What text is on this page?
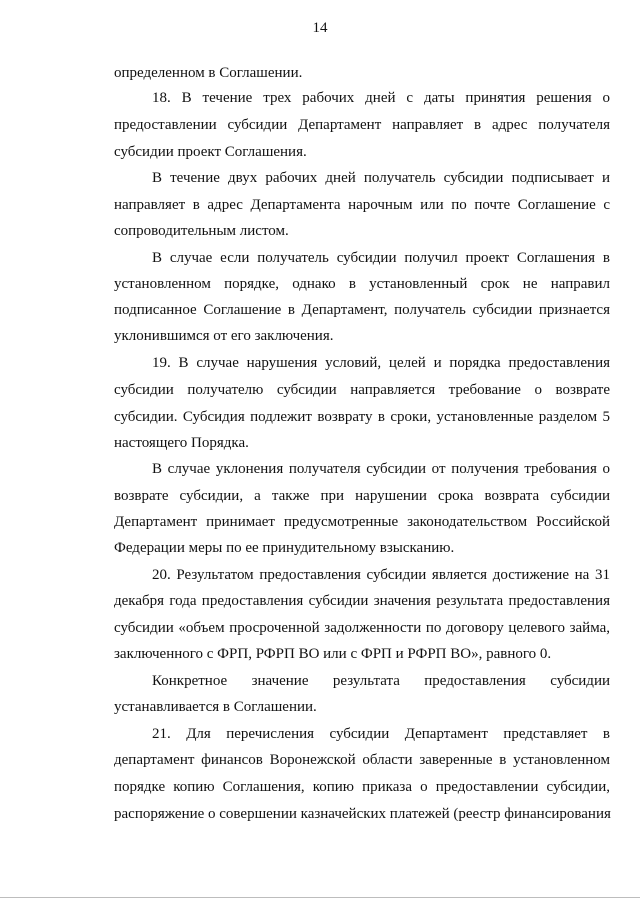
14
определенном в Соглашении.
18. В течение трех рабочих дней с даты принятия решения о
предоставлении субсидии Департамент направляет в адрес получателя
субсидии проект Соглашения.
В течение двух рабочих дней получатель субсидии подписывает и
направляет в адрес Департамента нарочным или по почте Соглашение с
сопроводительным листом.
В случае если получатель субсидии получил проект Соглашения в
установленном порядке, однако в установленный срок не направил
подписанное Соглашение в Департамент, получатель субсидии признается
уклонившимся от его заключения.
19. В случае нарушения условий, целей и порядка предоставления
субсидии получателю субсидии направляется требование о возврате
субсидии. Субсидия подлежит возврату в сроки, установленные разделом 5
настоящего Порядка.
В случае уклонения получателя субсидии от получения требования о
возврате субсидии, а также при нарушении срока возврата субсидии
Департамент принимает предусмотренные законодательством Российской
Федерации меры по ее принудительному взысканию.
20. Результатом предоставления субсидии является достижение на 31
декабря года предоставления субсидии значения результата предоставления
субсидии «объем просроченной задолженности по договору целевого займа,
заключенного с ФРП, РФРП ВО или с ФРП и РФРП ВО», равного 0.
Конкретное значение результата предоставления субсидии
устанавливается в Соглашении.
21. Для перечисления субсидии Департамент представляет в
департамент финансов Воронежской области заверенные в установленном
порядке копию Соглашения, копию приказа о предоставлении субсидии,
распоряжение о совершении казначейских платежей (реестр финансирования
